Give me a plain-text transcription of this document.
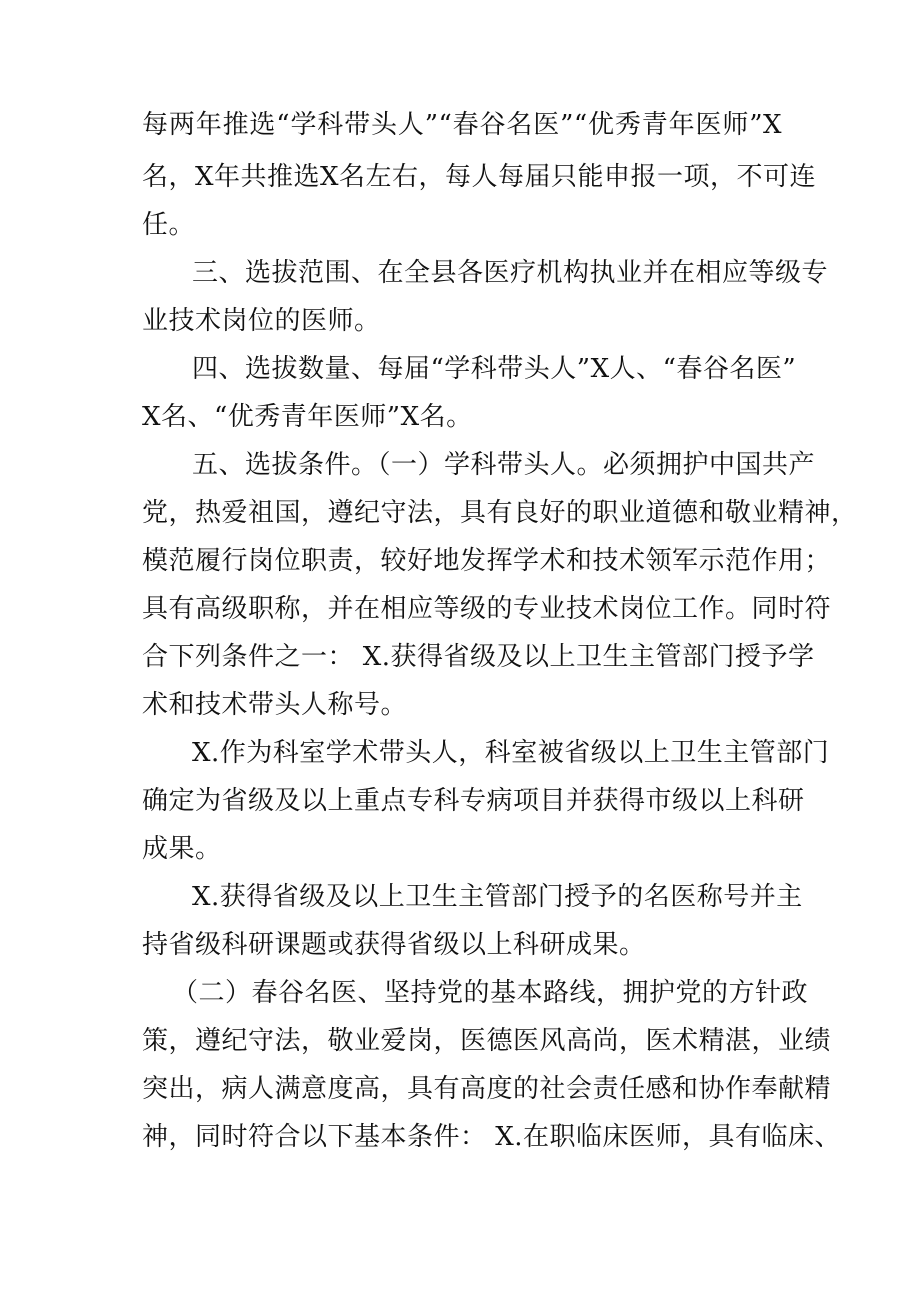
每两年推选“学科带头人”“春谷名医”“优秀青年医师”X
名，X年共推选X名左右，每人每届只能申报一项，不可连
任。
三、选拔范围、在全县各医疗机构执业并在相应等级专
业技术岗位的医师。
四、选拔数量、每届“学科带头人”X人、“春谷名医”
X名、“优秀青年医师”X名。
五、选拔条件。（一）学科带头人。必须拥护中国共产
党，热爱祖国，遵纪守法，具有良好的职业道德和敬业精神，
模范履行岗位职责，较好地发挥学术和技术领军示范作用；
具有高级职称，并在相应等级的专业技术岗位工作。同时符
合下列条件之一： X.获得省级及以上卫生主管部门授予学
术和技术带头人称号。
X.作为科室学术带头人，科室被省级以上卫生主管部门
确定为省级及以上重点专科专病项目并获得市级以上科研
成果。
X.获得省级及以上卫生主管部门授予的名医称号并主
持省级科研课题或获得省级以上科研成果。
（二）春谷名医、坚持党的基本路线，拥护党的方针政
策，遵纪守法，敬业爱岗，医德医风高尚，医术精湛，业绩
突出，病人满意度高，具有高度的社会责任感和协作奉献精
神，同时符合以下基本条件： X.在职临床医师，具有临床、
